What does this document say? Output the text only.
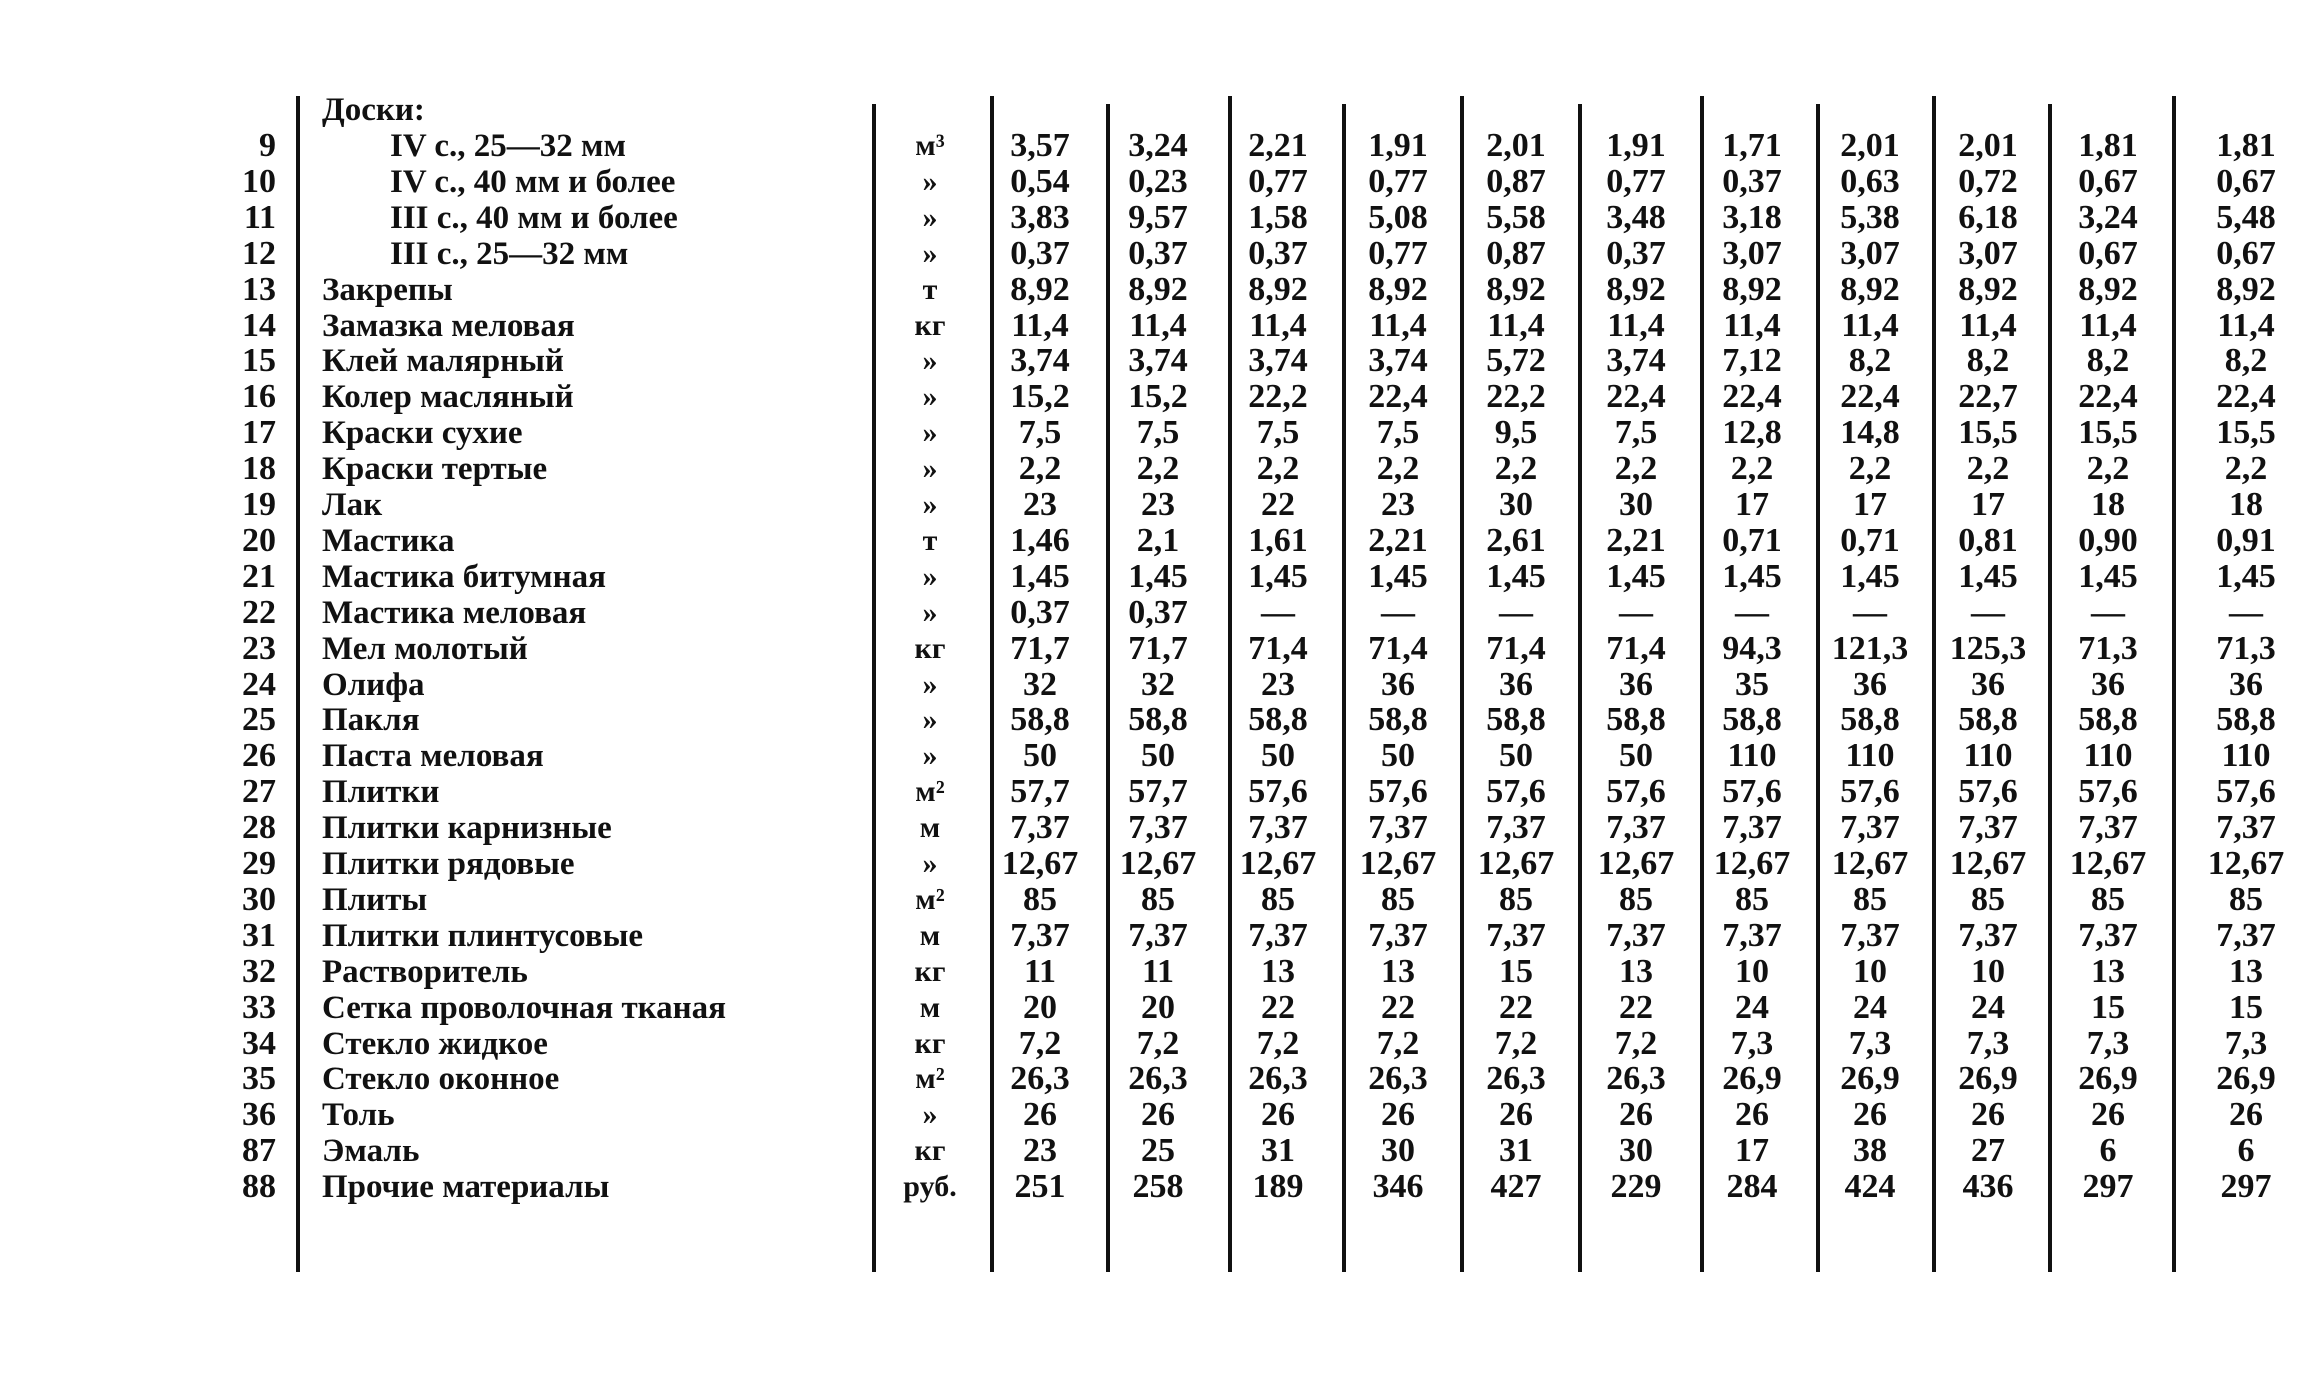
Доски:
9	IV с., 25—32 мм	м³	3,57	3,24	2,21	1,91	2,01	1,91	1,71	2,01	2,01	1,81	1,81
10	IV с., 40 мм и более	»	0,54	0,23	0,77	0,77	0,87	0,77	0,37	0,63	0,72	0,67	0,67
11	III с., 40 мм и более	»	3,83	9,57	1,58	5,08	5,58	3,48	3,18	5,38	6,18	3,24	5,48
12	III с., 25—32 мм	»	0,37	0,37	0,37	0,77	0,87	0,37	3,07	3,07	3,07	0,67	0,67
13 Закрепы	т	8,92	8,92	8,92	8,92	8,92	8,92	8,92	8,92	8,92	8,92	8,92
14 Замазка меловая	кг	11,4	11,4	11,4	11,4	11,4	11,4	11,4	11,4	11,4	11,4	11,4
15 Клей малярный	»	3,74	3,74	3,74	3,74	5,72	3,74	7,12	8,2	8,2	8,2	8,2
16 Колер масляный	»	15,2	15,2	22,2	22,4	22,2	22,4	22,4	22,4	22,7	22,4	22,4
17 Краски сухие	»	7,5	7,5	7,5	7,5	9,5	7,5	12,8	14,8	15,5	15,5	15,5
18 Краски тертые	»	2,2	2,2	2,2	2,2	2,2	2,2	2,2	2,2	2,2	2,2	2,2
19 Лак	»	23	23	22	23	30	30	17	17	17	18	18
20 Мастика	т	1,46	2,1	1,61	2,21	2,61	2,21	0,71	0,71	0,81	0,90	0,91
21 Мастика битумная	»	1,45	1,45	1,45	1,45	1,45	1,45	1,45	1,45	1,45	1,45	1,45
22 Мастика меловая	»	0,37	0,37	—	—	—	—	—	—	—	—	—
23 Мел молотый	кг	71,7	71,7	71,4	71,4	71,4	71,4	94,3	121,3	125,3	71,3	71,3
24 Олифа	»	32	32	23	36	36	36	35	36	36	36	36
25 Пакля	»	58,8	58,8	58,8	58,8	58,8	58,8	58,8	58,8	58,8	58,8	58,8
26 Паста меловая	»	50	50	50	50	50	50	110	110	110	110	110
27 Плитки	м²	57,7	57,7	57,6	57,6	57,6	57,6	57,6	57,6	57,6	57,6	57,6
28 Плитки карнизные	м	7,37	7,37	7,37	7,37	7,37	7,37	7,37	7,37	7,37	7,37	7,37
29 Плитки рядовые	»	12,67	12,67	12,67	12,67	12,67	12,67	12,67	12,67	12,67	12,67	12,67
30 Плиты	м²	85	85	85	85	85	85	85	85	85	85	85
31 Плитки плинтусовые	м	7,37	7,37	7,37	7,37	7,37	7,37	7,37	7,37	7,37	7,37	7,37
32 Растворитель	кг	11	11	13	13	15	13	10	10	10	13	13
33 Сетка проволочная тканая	м	20	20	22	22	22	22	24	24	24	15	15
34 Стекло жидкое	кг	7,2	7,2	7,2	7,2	7,2	7,2	7,3	7,3	7,3	7,3	7,3
35 Стекло оконное	м²	26,3	26,3	26,3	26,3	26,3	26,3	26,9	26,9	26,9	26,9	26,9
36 Толь	»	26	26	26	26	26	26	26	26	26	26	26
87 Эмаль	кг	23	25	31	30	31	30	17	38	27	6	6
88 Прочие материалы	руб.	251	258	189	346	427	229	284	424	436	297	297
